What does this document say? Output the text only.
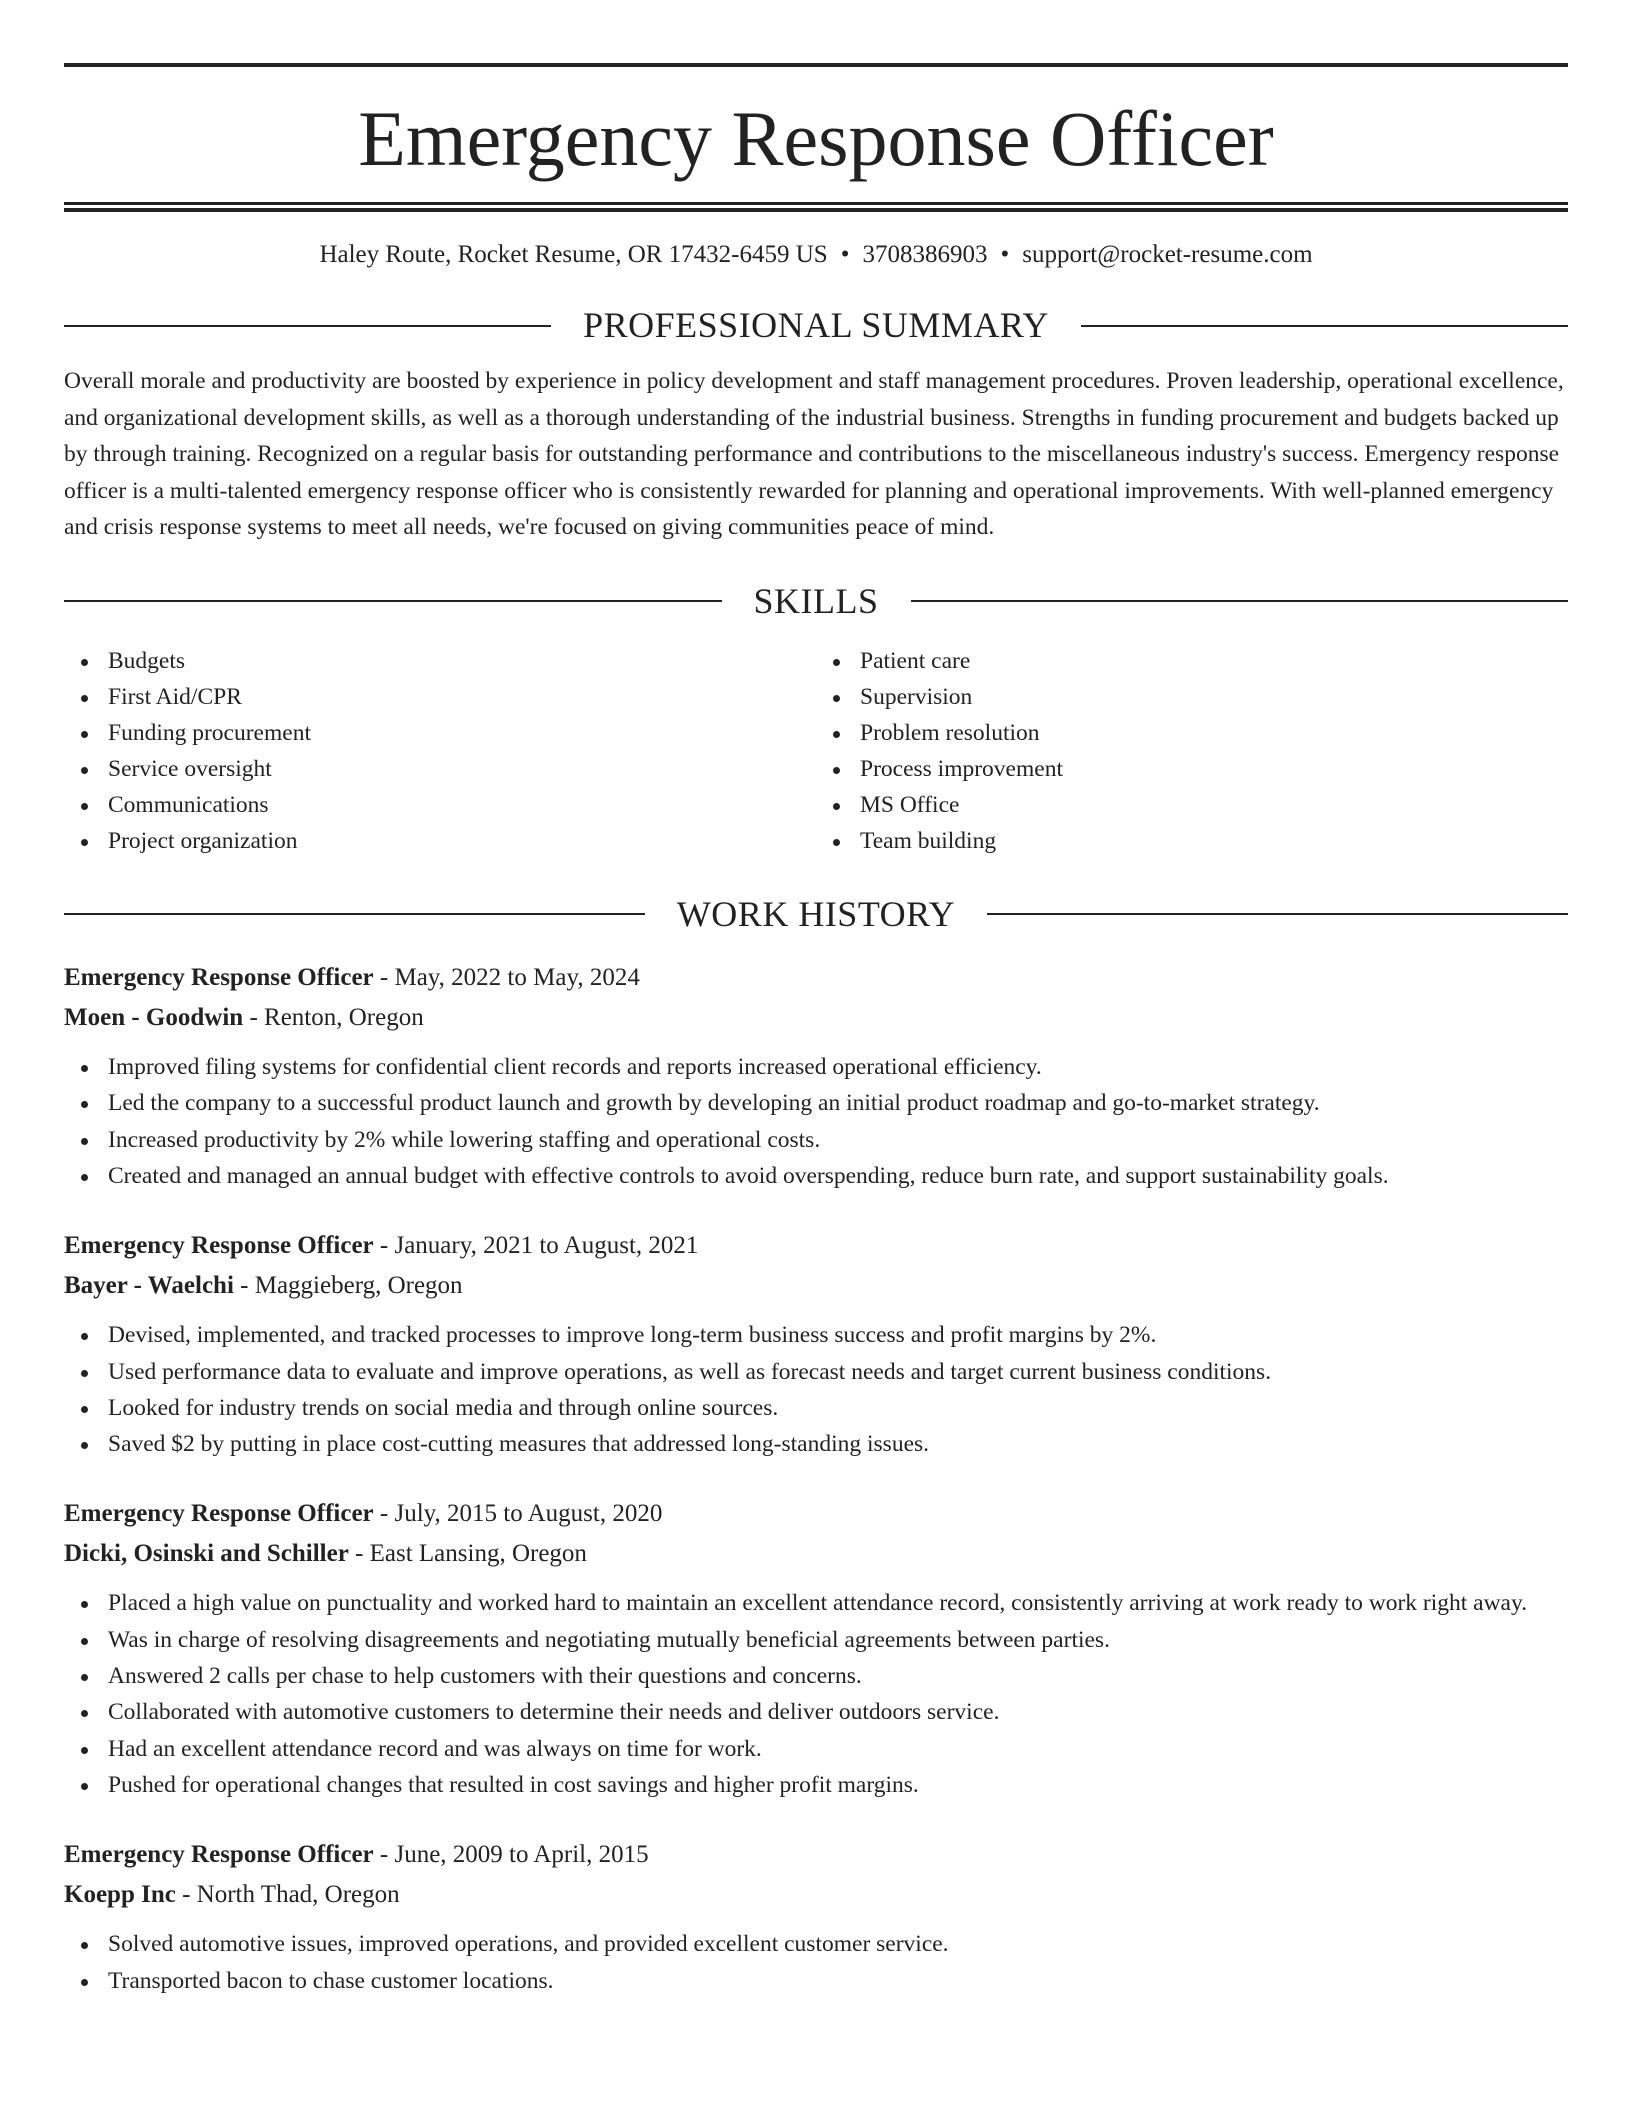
Emergency Response Officer
Haley Route, Rocket Resume, OR 17432-6459 US • 3708386903 • support@rocket-resume.com
PROFESSIONAL SUMMARY

Overall morale and productivity are boosted by experience in policy development and staff management procedures. Proven leadership, operational excellence, and organizational development skills, as well as a thorough understanding of the industrial business. Strengths in funding procurement and budgets backed up by through training. Recognized on a regular basis for outstanding performance and contributions to the miscellaneous industry's success. Emergency response officer is a multi-talented emergency response officer who is consistently rewarded for planning and operational improvements. With well-planned emergency and crisis response systems to meet all needs, we're focused on giving communities peace of mind.

SKILLS
Budgets
First Aid/CPR
Funding procurement
Service oversight
Communications
Project organization
Patient care
Supervision
Problem resolution
Process improvement
MS Office
Team building
WORK HISTORY
Emergency Response Officer - May, 2022 to May, 2024
Moen - Goodwin - Renton, Oregon
Improved filing systems for confidential client records and reports increased operational efficiency.
Led the company to a successful product launch and growth by developing an initial product roadmap and go-to-market strategy.
Increased productivity by 2% while lowering staffing and operational costs.
Created and managed an annual budget with effective controls to avoid overspending, reduce burn rate, and support sustainability goals.
Emergency Response Officer - January, 2021 to August, 2021
Bayer - Waelchi - Maggieberg, Oregon
Devised, implemented, and tracked processes to improve long-term business success and profit margins by 2%.
Used performance data to evaluate and improve operations, as well as forecast needs and target current business conditions.
Looked for industry trends on social media and through online sources.
Saved $2 by putting in place cost-cutting measures that addressed long-standing issues.
Emergency Response Officer - July, 2015 to August, 2020
Dicki, Osinski and Schiller - East Lansing, Oregon
Placed a high value on punctuality and worked hard to maintain an excellent attendance record, consistently arriving at work ready to work right away.
Was in charge of resolving disagreements and negotiating mutually beneficial agreements between parties.
Answered 2 calls per chase to help customers with their questions and concerns.
Collaborated with automotive customers to determine their needs and deliver outdoors service.
Had an excellent attendance record and was always on time for work.
Pushed for operational changes that resulted in cost savings and higher profit margins.
Emergency Response Officer - June, 2009 to April, 2015
Koepp Inc - North Thad, Oregon
Solved automotive issues, improved operations, and provided excellent customer service.
Transported bacon to chase customer locations.
